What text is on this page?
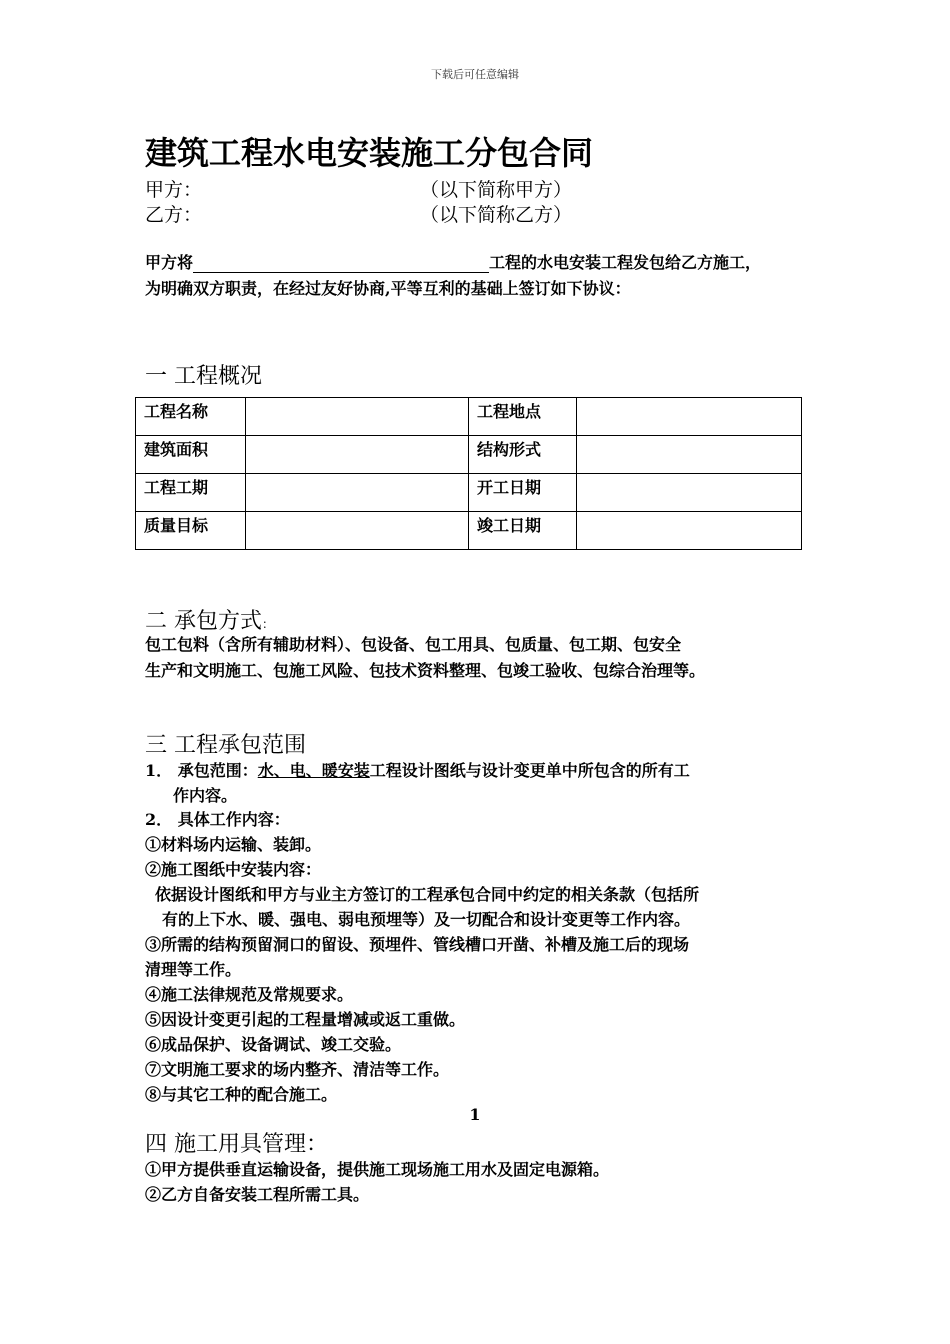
下载后可任意编辑
建筑工程水电安装施工分包合同
甲方：	（以下简称甲方）
乙方：	（以下简称乙方）
甲方将	工程的水电安装工程发包给乙方施工，
为明确双方职责，在经过友好协商,平等互利的基础上签订如下协议：
一 工程概况
工程名称		工程地点	
建筑面积		结构形式	
工程工期		开工日期	
质量目标		竣工日期	
二 承包方式：
包工包料（含所有辅助材料）、包设备、包工用具、包质量、包工期、包安全
生产和文明施工、包施工风险、包技术资料整理、包竣工验收、包综合治理等。
三 工程承包范围
1． 承包范围：水、电、暖安装工程设计图纸与设计变更单中所包含的所有工
作内容。
2． 具体工作内容：
①材料场内运输、装卸。
②施工图纸中安装内容：
依据设计图纸和甲方与业主方签订的工程承包合同中约定的相关条款（包括所
有的上下水、暖、强电、弱电预埋等）及一切配合和设计变更等工作内容。
③所需的结构预留洞口的留设、预埋件、管线槽口开凿、补槽及施工后的现场
清理等工作。
④施工法律规范及常规要求。
⑤因设计变更引起的工程量增减或返工重做。
⑥成品保护、设备调试、竣工交验。
⑦文明施工要求的场内整齐、清洁等工作。
⑧与其它工种的配合施工。
1
四 施工用具管理：
①甲方提供垂直运输设备，提供施工现场施工用水及固定电源箱。
②乙方自备安装工程所需工具。
